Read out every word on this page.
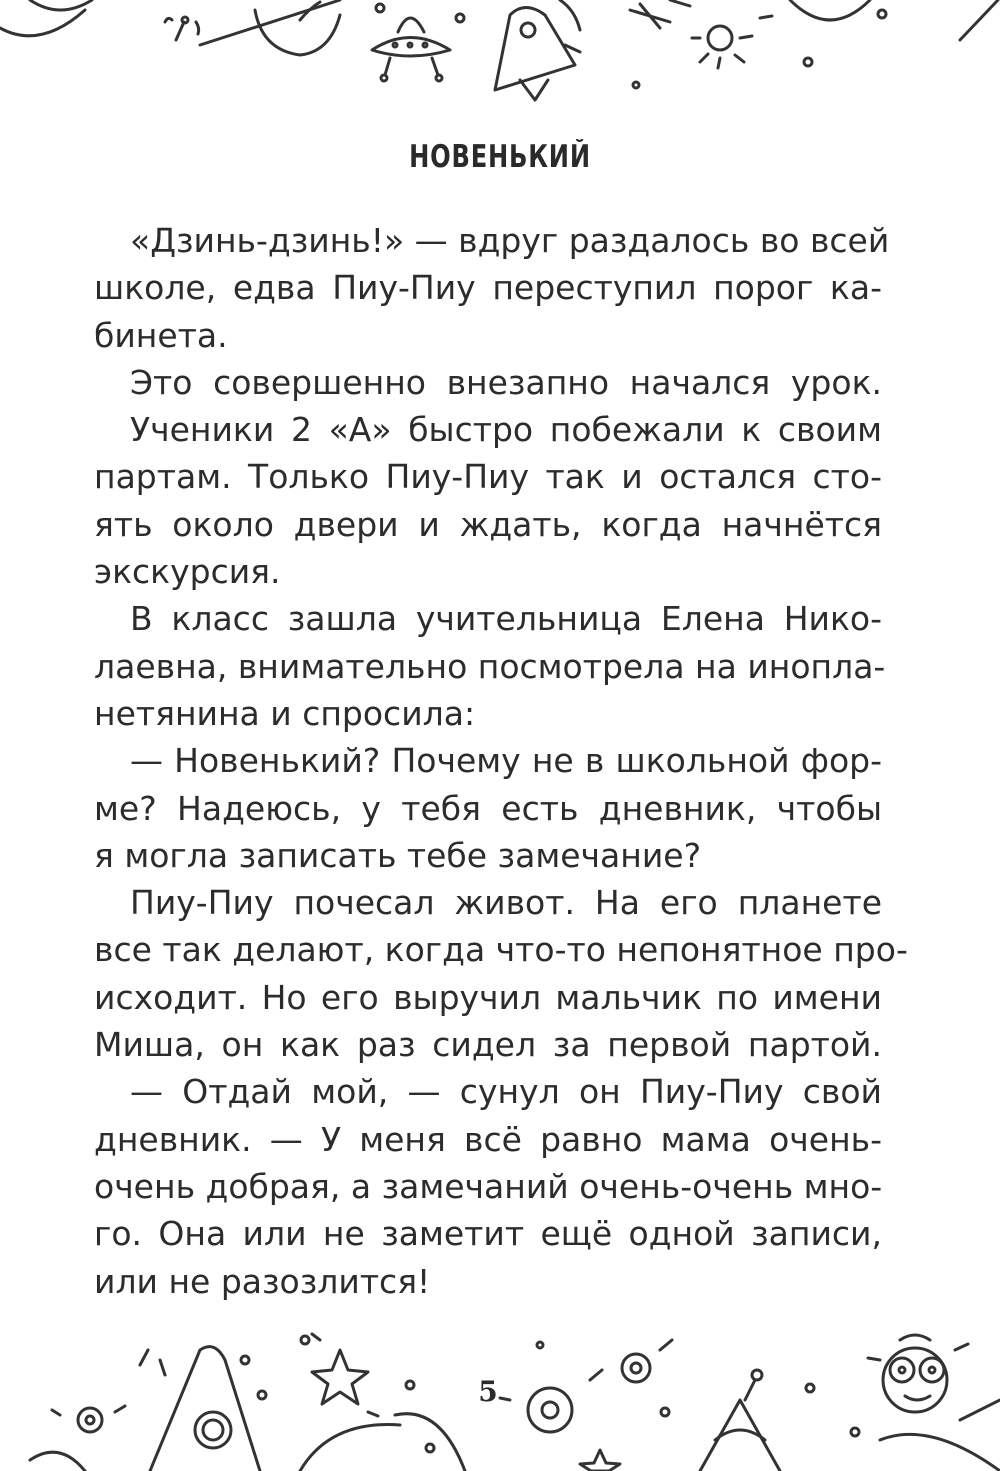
НОВЕНЬКИЙ
«Дзинь-дзинь!» — вдруг раздалось во всей
школе, едва Пиу-Пиу переступил порог ка-
бинета.
Это совершенно внезапно начался урок.
Ученики 2 «А» быстро побежали к своим
партам. Только Пиу-Пиу так и остался сто-
ять около двери и ждать, когда начнётся
экскурсия.
В класс зашла учительница Елена Нико-
лаевна, внимательно посмотрела на инопла-
нетянина и спросила:
— Новенький? Почему не в школьной фор-
ме? Надеюсь, у тебя есть дневник, чтобы
я могла записать тебе замечание?
Пиу-Пиу почесал живот. На его планете
все так делают, когда что-то непонятное про-
исходит. Но его выручил мальчик по имени
Миша, он как раз сидел за первой партой.
— Отдай мой, — сунул он Пиу-Пиу свой
дневник. — У меня всё равно мама очень-
очень добрая, а замечаний очень-очень мно-
го. Она или не заметит ещё одной записи,
или не разозлится!
5
